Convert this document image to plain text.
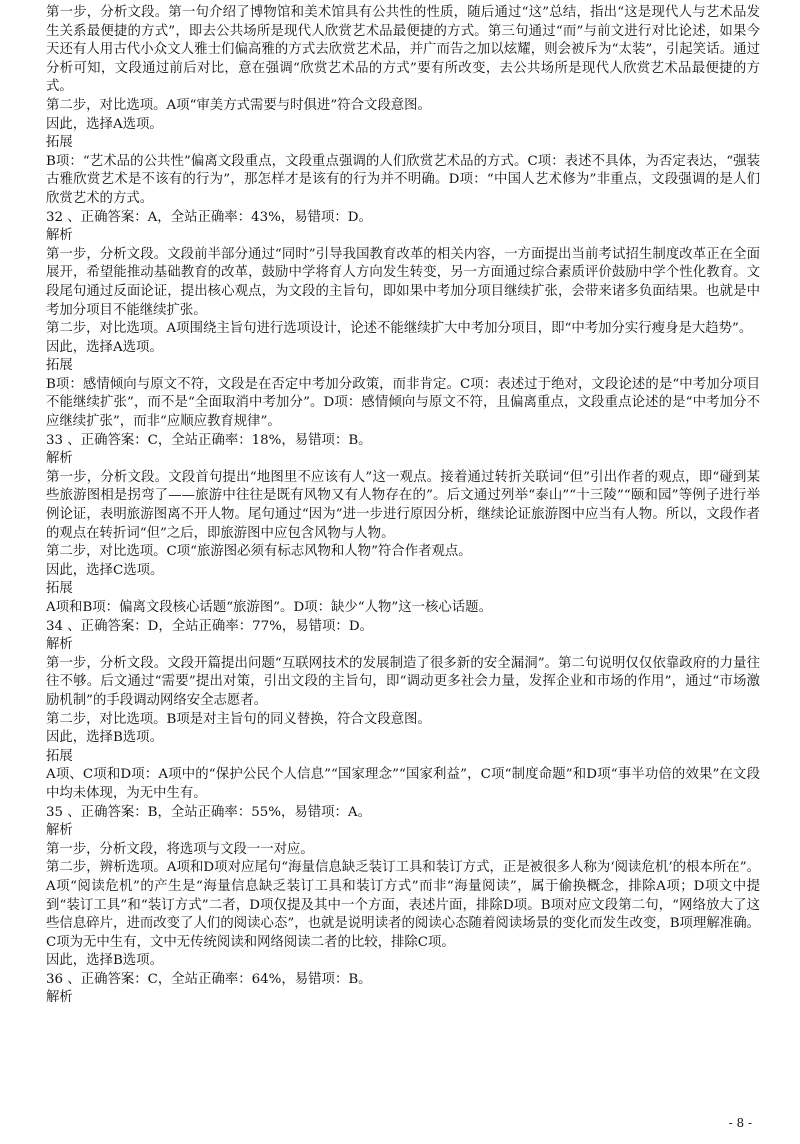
第一步，分析文段。第一句介绍了博物馆和美术馆具有公共性的性质，随后通过“这”总结，指出“这是现代人与艺术品发生关系最便捷的方式”，即去公共场所是现代人欣赏艺术品最便捷的方式。第三句通过“而”与前文进行对比论述，如果今天还有人用古代小众文人雅士们偏高雅的方式去欣赏艺术品，并广而告之加以炫耀，则会被斥为“太装”，引起笑话。通过分析可知，文段通过前后对比，意在强调“欣赏艺术品的方式”要有所改变，去公共场所是现代人欣赏艺术品最便捷的方式。
第二步，对比选项。A项“审美方式需要与时俱进”符合文段意图。
因此，选择A选项。
拓展
B项：“艺术品的公共性”偏离文段重点，文段重点强调的人们欣赏艺术品的方式。C项：表述不具体，为否定表达，“强装古雅欣赏艺术是不该有的行为”，那怎样才是该有的行为并不明确。D项：“中国人艺术修为”非重点，文段强调的是人们欣赏艺术的方式。
32 、正确答案：A，全站正确率：43%，易错项：D。
解析
第一步，分析文段。文段前半部分通过“同时”引导我国教育改革的相关内容，一方面提出当前考试招生制度改革正在全面展开，希望能推动基础教育的改革，鼓励中学将育人方向发生转变，另一方面通过综合素质评价鼓励中学个性化教育。文段尾句通过反面论证，提出核心观点，为文段的主旨句，即如果中考加分项目继续扩张，会带来诸多负面结果。也就是中考加分项目不能继续扩张。
第二步，对比选项。A项围绕主旨句进行选项设计，论述不能继续扩大中考加分项目，即“中考加分实行瘦身是大趋势”。
因此，选择A选项。
拓展
B项：感情倾向与原文不符，文段是在否定中考加分政策，而非肯定。C项：表述过于绝对，文段论述的是“中考加分项目不能继续扩张”，而不是“全面取消中考加分”。D项：感情倾向与原文不符，且偏离重点，文段重点论述的是“中考加分不应继续扩张”，而非“应顺应教育规律”。
33 、正确答案：C，全站正确率：18%，易错项：B。
解析
第一步，分析文段。文段首句提出“地图里不应该有人”这一观点。接着通过转折关联词“但”引出作者的观点，即“碰到某些旅游图相是拐弯了——旅游中往往是既有风物又有人物存在的”。后文通过列举“泰山”“十三陵”“颐和园”等例子进行举例论证，表明旅游图离不开人物。尾句通过“因为”进一步进行原因分析，继续论证旅游图中应当有人物。所以，文段作者的观点在转折词“但”之后，即旅游图中应包含风物与人物。
第二步，对比选项。C项“旅游图必须有标志风物和人物”符合作者观点。
因此，选择C选项。
拓展
A项和B项：偏离文段核心话题“旅游图”。D项：缺少“人物”这一核心话题。
34 、正确答案：D，全站正确率：77%，易错项：D。
解析
第一步，分析文段。文段开篇提出问题“互联网技术的发展制造了很多新的安全漏洞”。第二句说明仅仅依靠政府的力量往往不够。后文通过“需要”提出对策，引出文段的主旨句，即“调动更多社会力量，发挥企业和市场的作用”，通过“市场激励机制”的手段调动网络安全志愿者。
第二步，对比选项。B项是对主旨句的同义替换，符合文段意图。
因此，选择B选项。
拓展
A项、C项和D项：A项中的“保护公民个人信息”“国家理念”“国家利益”，C项“制度命题”和D项“事半功倍的效果”在文段中均未体现，为无中生有。
35 、正确答案：B，全站正确率：55%，易错项：A。
解析
第一步，分析文段，将选项与文段一一对应。
第二步，辨析选项。A项和D项对应尾句“海量信息缺乏装订工具和装订方式，正是被很多人称为‘阅读危机’的根本所在”。A项“阅读危机”的产生是“海量信息缺乏装订工具和装订方式”而非“海量阅读”，属于偷换概念，排除A项；D项文中提到“装订工具”和“装订方式”二者，D项仅提及其中一个方面，表述片面，排除D项。B项对应文段第二句，“网络放大了这些信息碎片，进而改变了人们的阅读心态”，也就是说明读者的阅读心态随着阅读场景的变化而发生改变，B项理解准确。C项为无中生有，文中无传统阅读和网络阅读二者的比较，排除C项。
因此，选择B选项。
36 、正确答案：C，全站正确率：64%，易错项：B。
解析
- 8 -
